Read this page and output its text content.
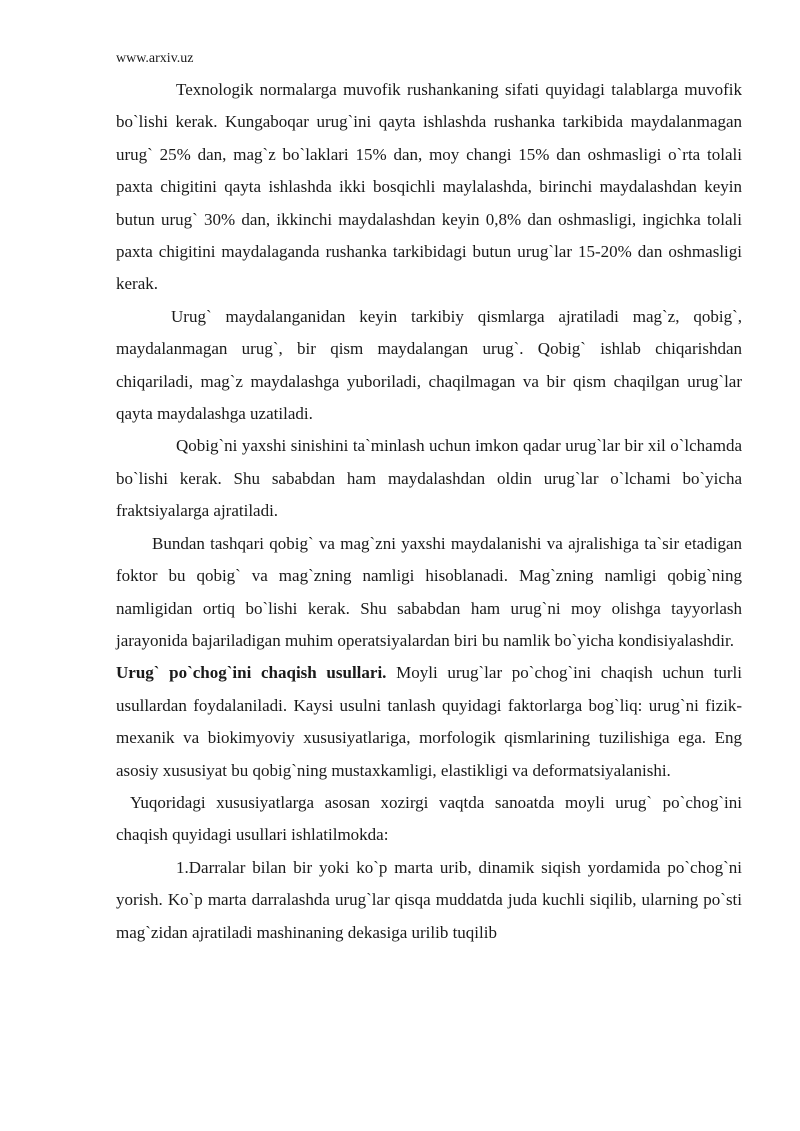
www.arxiv.uz

Texnologik normalarga muvofik rushankaning sifati quyidagi talablarga muvofik bo`lishi kerak. Kungaboqar urug`ini qayta ishlashda rushanka tarkibida maydalanmagan urug` 25% dan, mag`z bo`laklari 15% dan, moy changi 15% dan oshmasligi o`rta tolali paxta chigitini qayta ishlashda ikki bosqichli maylalashda, birinchi maydalashdan keyin butun urug` 30% dan, ikkinchi maydalashdan keyin 0,8% dan oshmasligi, ingichka tolali paxta chigitini maydalaganda rushanka tarkibidagi butun urug`lar 15-20% dan oshmasligi kerak.

Urug` maydalanganidan keyin tarkibiy qismlarga ajratiladi mag`z, qobig`, maydalanmagan urug`, bir qism maydalangan urug`. Qobig` ishlab chiqarishdan chiqariladi, mag`z maydalashga yuboriladi, chaqilmagan va bir qism chaqilgan urug`lar qayta maydalashga uzatiladi.

Qobig`ni yaxshi sinishini ta`minlash uchun imkon qadar urug`lar bir xil o`lchamda bo`lishi kerak. Shu sababdan ham maydalashdan oldin urug`lar o`lchami bo`yicha fraktsiyalarga ajratiladi.

Bundan tashqari qobig` va mag`zni yaxshi maydalanishi va ajralishiga ta`sir etadigan foktor bu qobig` va mag`zning namligi hisoblanadi. Mag`zning namligi qobig`ning namligidan ortiq bo`lishi kerak. Shu sababdan ham urug`ni moy olishga tayyorlash jarayonida bajariladigan muhim operatsiyalardan biri bu namlik bo`yicha kondisiyalashdir.

Urug` po`chog`ini chaqish usullari. Moyli urug`lar po`chog`ini chaqish uchun turli usullardan foydalaniladi. Kaysi usulni tanlash quyidagi faktorlarga bog`liq: urug`ni fizik-mexanik va biokimyoviy xususiyatlariga, morfologik qismlarining tuzilishiga ega. Eng asosiy xususiyat bu qobig`ning mustaxkamligi, elastikligi va deformatsiyalanishi.

Yuqoridagi xususiyatlarga asosan xozirgi vaqtda sanoatda moyli urug` po`chog`ini chaqish quyidagi usullari ishlatilmokda:

1.Darralar bilan bir yoki ko`p marta urib, dinamik siqish yordamida po`chog`ni yorish. Ko`p marta darralashda urug`lar qisqa muddatda juda kuchli siqilib, ularning po`sti mag`zidan ajratiladi mashinaning dekasiga urilib tuqilib
